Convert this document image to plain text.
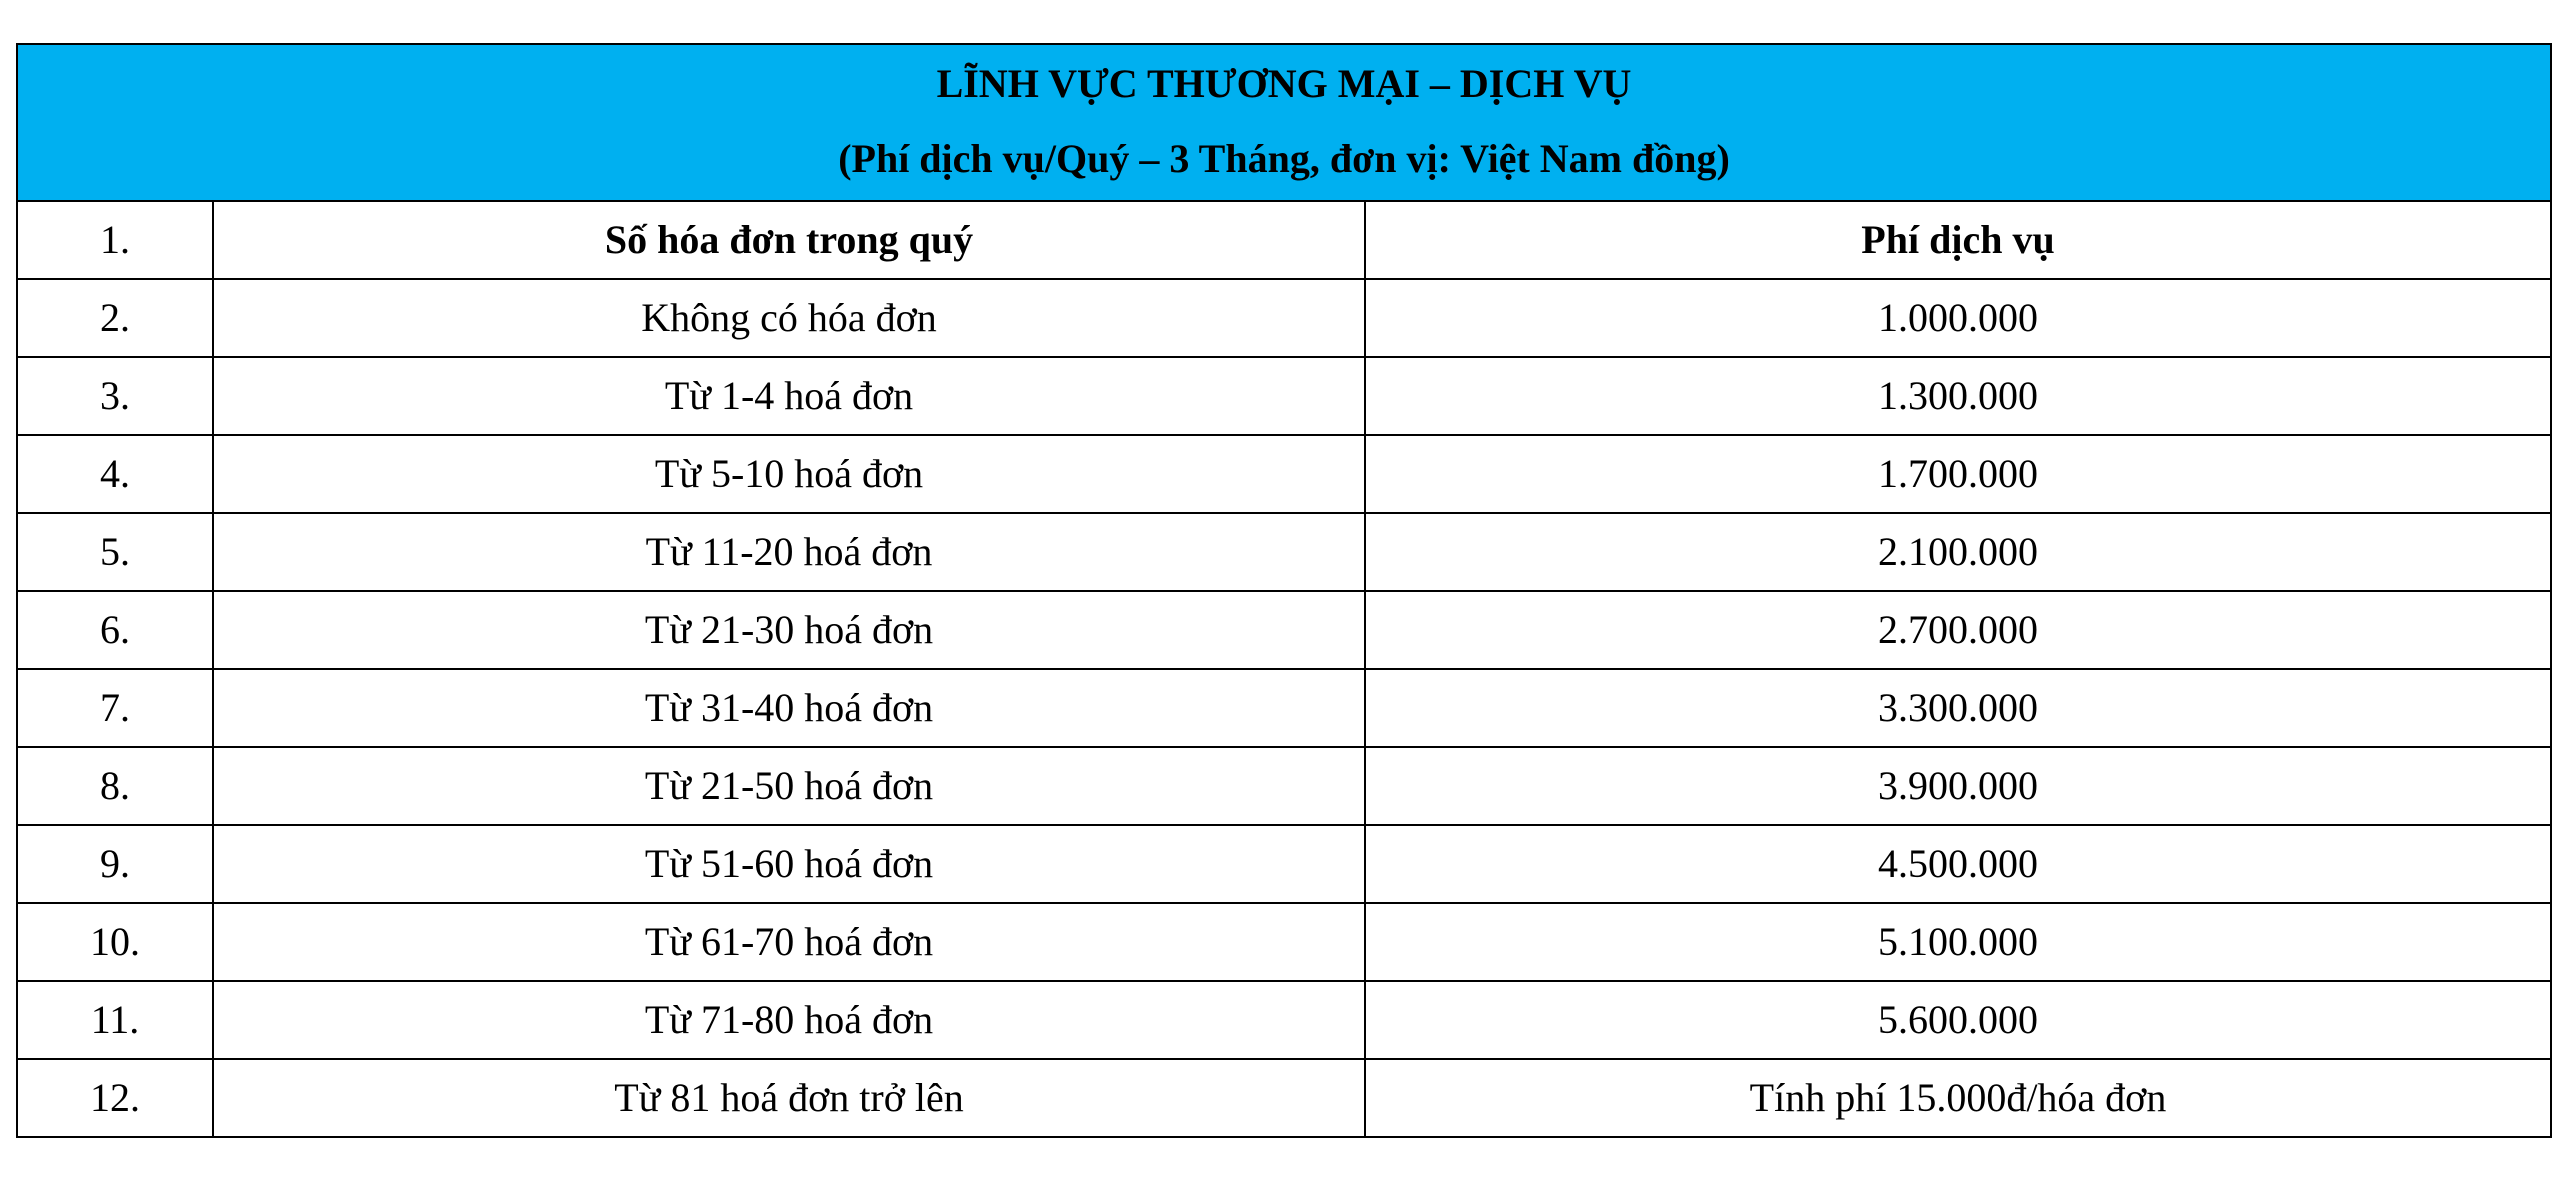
LĨNH VỰC THƯƠNG MẠI – DỊCH VỤ
(Phí dịch vụ/Quý – 3 Tháng, đơn vị: Việt Nam đồng)		

1.	Số hóa đơn trong quý	Phí dịch vụ
2.	Không có hóa đơn	1.000.000
3.	Từ 1-4 hoá đơn	1.300.000
4.	Từ 5-10 hoá đơn	1.700.000
5.	Từ 11-20 hoá đơn	2.100.000
6.	Từ 21-30 hoá đơn	2.700.000
7.	Từ 31-40 hoá đơn	3.300.000
8.	Từ 21-50 hoá đơn	3.900.000
9.	Từ 51-60 hoá đơn	4.500.000
10.	Từ 61-70 hoá đơn	5.100.000
11.	Từ 71-80 hoá đơn	5.600.000
12.	Từ 81 hoá đơn trở lên	Tính phí 15.000đ/hóa đơn
